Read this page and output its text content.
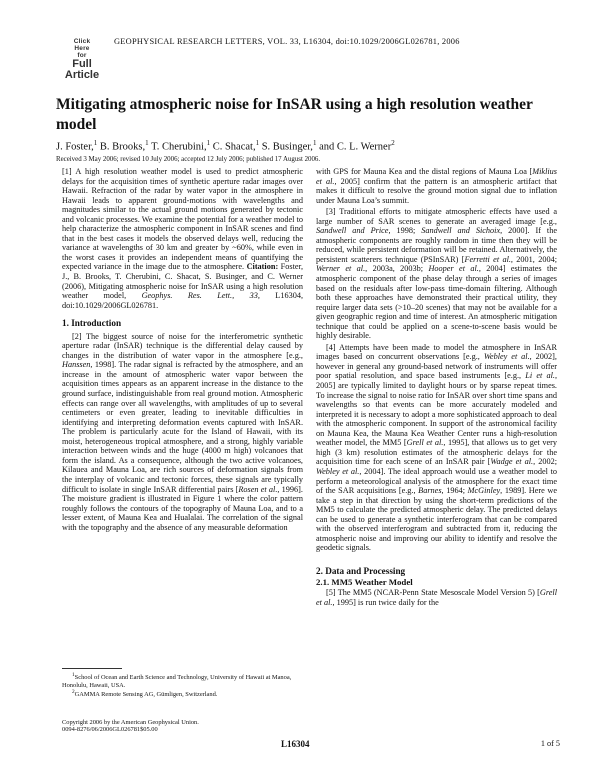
Click
Here
for
Full
Article
GEOPHYSICAL RESEARCH LETTERS, VOL. 33, L16304, doi:10.1029/2006GL026781, 2006
Mitigating atmospheric noise for InSAR using a high resolution weather model
J. Foster,$^1$ B. Brooks,$^1$ T. Cherubini,$^1$ C. Shacat,$^1$ S. Businger,$^1$ and C. L. Werner$^2$
Received 3 May 2006; revised 10 July 2006; accepted 12 July 2006; published 17 August 2006.

[1] A high resolution weather model is used to predict atmospheric delays for the acquisition times of synthetic aperture radar images over Hawaii. Refraction of the radar by water vapor in the atmosphere in Hawaii leads to apparent ground-motions with wavelengths and magnitudes similar to the actual ground motions generated by tectonic and volcanic processes. We examine the potential for a weather model to help characterize the atmospheric component in InSAR scenes and find that in the best cases it models the observed delays well, reducing the variance at wavelengths of 30 km and greater by ~60%, while even in the worst cases it provides an independent means of quantifying the expected variance in the image due to the atmosphere. Citation: Foster, J., B. Brooks, T. Cherubini, C. Shacat, S. Businger, and C. Werner (2006), Mitigating atmospheric noise for InSAR using a high resolution weather model, Geophys. Res. Lett., 33, L16304, doi:10.1029/2006GL026781.

1. Introduction

[2] The biggest source of noise for the interferometric synthetic aperture radar (InSAR) technique is the differential delay caused by changes in the distribution of water vapor in the atmosphere [e.g., Hanssen, 1998]. The radar signal is refracted by the atmosphere, and an increase in the amount of atmospheric water vapor between the acquisition times appears as an apparent increase in the distance to the ground surface, indistinguishable from real ground motion. Atmospheric effects can range over all wavelengths, with amplitudes of up to several centimeters or even greater, leading to inevitable difficulties in identifying and interpreting deformation events captured with InSAR. The problem is particularly acute for the Island of Hawaii, with its moist, heterogeneous tropical atmosphere, and a strong, highly variable interaction between winds and the huge (4000 m high) volcanoes that form the island. As a consequence, although the two active volcanoes, Kilauea and Mauna Loa, are rich sources of deformation signals from the interplay of volcanic and tectonic forces, these signals are typically difficult to isolate in single InSAR differential pairs [Rosen et al., 1996]. The moisture gradient is illustrated in Figure 1 where the color pattern roughly follows the contours of the topography of Mauna Loa, and to a lesser extent, of Mauna Kea and Hualalai. The correlation of the signal with the topography and the absence of any measurable deformation

$^1$School of Ocean and Earth Science and Technology, University of Hawaii at Manoa, Honolulu, Hawaii, USA.
$^2$GAMMA Remote Sensing AG, Gümligen, Switzerland.
Copyright 2006 by the American Geophysical Union.
0094-8276/06/2006GL026781$05.00

with GPS for Mauna Kea and the distal regions of Mauna Loa [Miklius et al., 2005] confirm that the pattern is an atmospheric artifact that makes it difficult to resolve the ground motion signal due to inflation under Mauna Loa’s summit.

[3] Traditional efforts to mitigate atmospheric effects have used a large number of SAR scenes to generate an averaged image [e.g., Sandwell and Price, 1998; Sandwell and Sichoix, 2000]. If the atmospheric components are roughly random in time then they will be reduced, while persistent deformation will be retained. Alternatively, the persistent scatterers technique (PSInSAR) [Ferretti et al., 2001, 2004; Werner et al., 2003a, 2003b; Hooper et al., 2004] estimates the atmospheric component of the phase delay through a series of images based on the residuals after low-pass time-domain filtering. Although both these approaches have demonstrated their practical utility, they require larger data sets (>10–20 scenes) that may not be available for a given geographic region and time of interest. An atmospheric mitigation technique that could be applied on a scene-to-scene basis would be highly desirable.

[4] Attempts have been made to model the atmosphere in InSAR images based on concurrent observations [e.g., Webley et al., 2002], however in general any ground-based network of instruments will offer poor spatial resolution, and space based instruments [e.g., Li et al., 2005] are typically limited to daylight hours or by sparse repeat times. To increase the signal to noise ratio for InSAR over short time spans and wavelengths so that events can be more accurately modeled and interpreted it is necessary to adopt a more sophisticated approach to deal with the atmospheric component. In support of the astronomical facility on Mauna Kea, the Mauna Kea Weather Center runs a high-resolution weather model, the MM5 [Grell et al., 1995], that allows us to get very high (3 km) resolution estimates of the atmospheric delays for the acquisition time for each scene of an InSAR pair [Wadge et al., 2002; Webley et al., 2004]. The ideal approach would use a weather model to perform a meteorological analysis of the atmosphere for the exact time of the SAR acquisitions [e.g., Barnes, 1964; McGinley, 1989]. Here we take a step in that direction by using the short-term predictions of the MM5 to calculate the predicted atmospheric delay. The predicted delays can be used to generate a synthetic interferogram that can be compared with the observed interferogram and subtracted from it, reducing the atmospheric noise and improving our ability to identify and resolve the geodetic signals.

2. Data and Processing
2.1. MM5 Weather Model

[5] The MM5 (NCAR-Penn State Mesoscale Model Version 5) [Grell et al., 1995] is run twice daily for the

L16304	1 of 5
